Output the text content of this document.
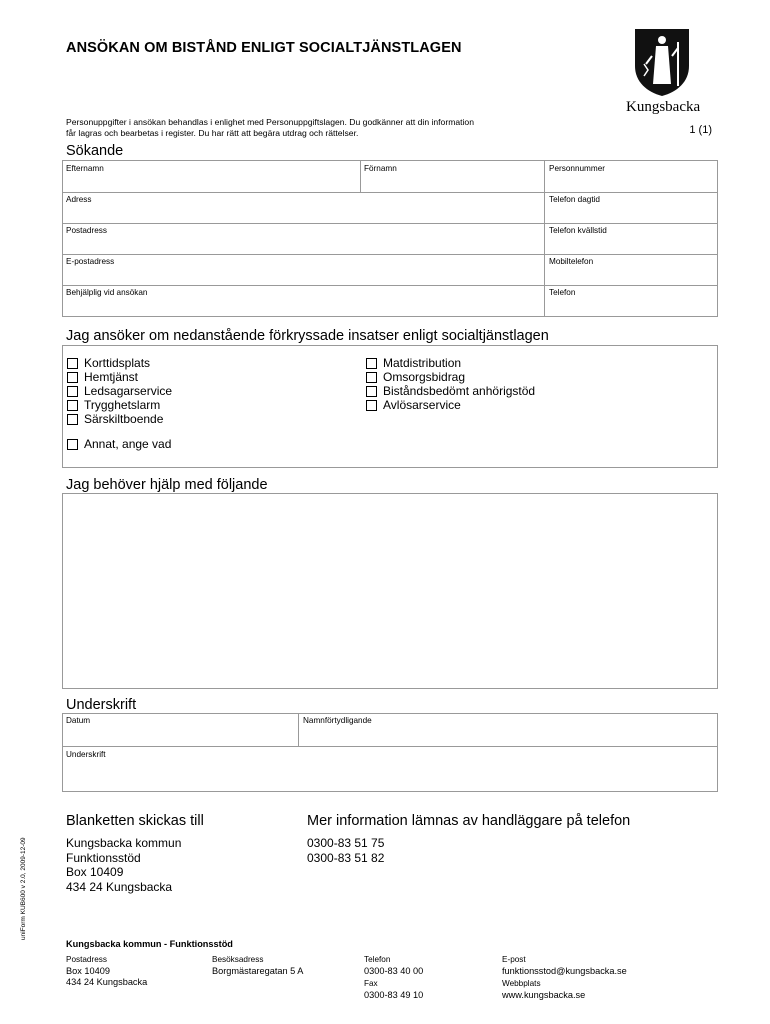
ANSÖKAN OM BISTÅND ENLIGT SOCIALTJÄNSTLAGEN
Kungsbacka
Personuppgifter i ansökan behandlas i enlighet med Personuppgiftslagen. Du godkänner att din information
får lagras och bearbetas i register. Du har rätt att begära utdrag och rättelser.	1 (1)
Sökande
Efternamn	Förnamn	Personnummer
Adress	Telefon dagtid
Postadress	Telefon kvällstid
E-postadress	Mobiltelefon
Behjälplig vid ansökan	Telefon
Jag ansöker om nedanstående förkryssade insatser enligt socialtjänstlagen
Korttidsplats
Hemtjänst
Ledsagarservice
Trygghetslarm
Särskiltboende
Matdistribution
Omsorgsbidrag
Biståndsbedömt anhörigstöd
Avlösarservice
Annat, ange vad
Jag behöver hjälp med följande
Underskrift
Datum	Namnförtydligande
Underskrift
Blanketten skickas till
Kungsbacka kommun
Funktionsstöd
Box 10409
434 24 Kungsbacka
Mer information lämnas av handläggare på telefon
0300-83 51 75
0300-83 51 82
uniForm KUB600 v 2.0, 2009-12-09
Kungsbacka kommun - Funktionsstöd
Postadress
Box 10409
434 24 Kungsbacka
Besöksadress
Borgmästaregatan 5 A
Telefon
0300-83 40 00
Fax
0300-83 49 10
E-post
funktionsstod@kungsbacka.se
Webbplats
www.kungsbacka.se
